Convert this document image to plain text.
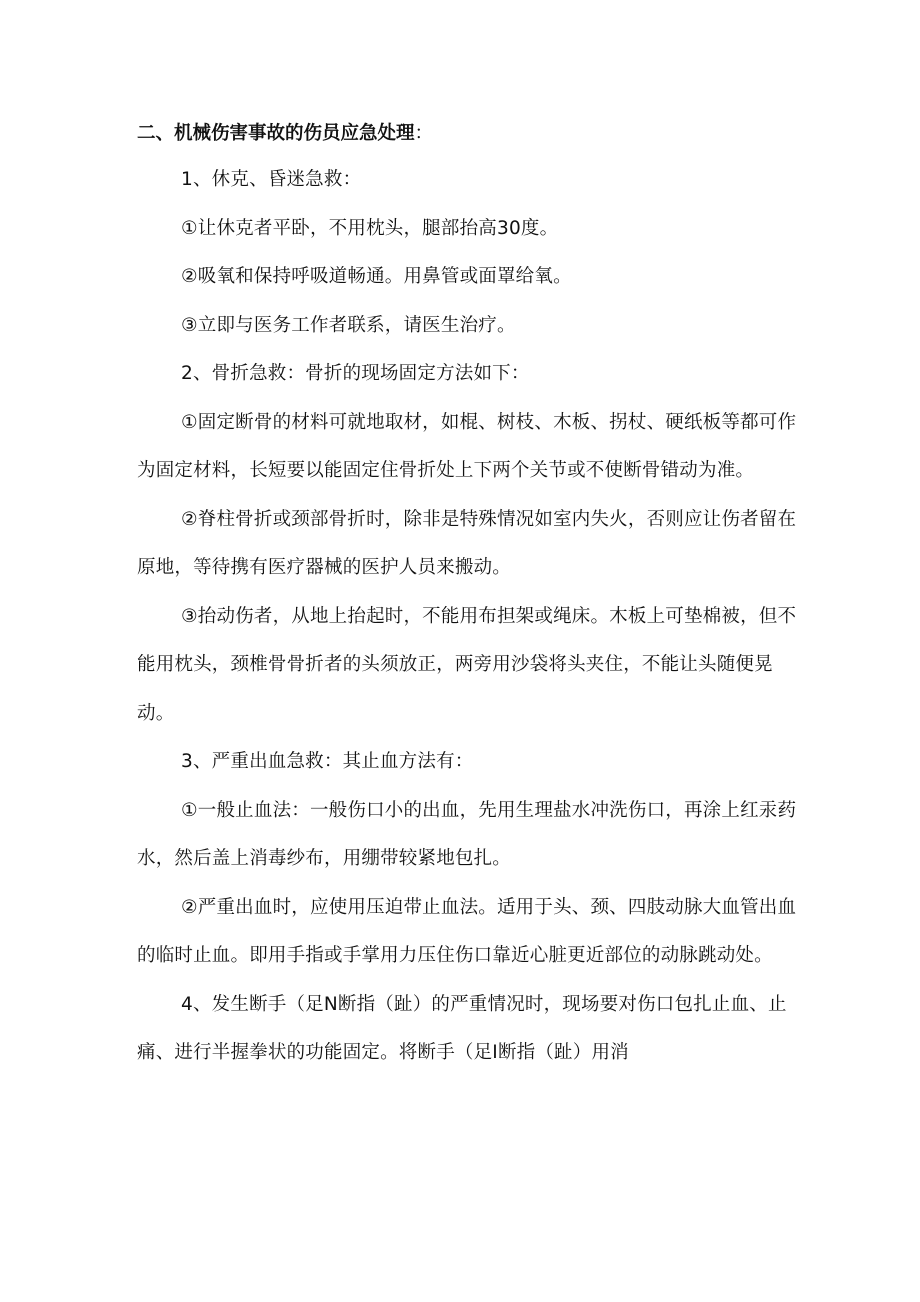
二、机械伤害事故的伤员应急处理：

1、休克、昏迷急救：

①让休克者平卧，不用枕头，腿部抬高30度。

②吸氧和保持呼吸道畅通。用鼻管或面罩给氧。

③立即与医务工作者联系，请医生治疗。

2、骨折急救：骨折的现场固定方法如下：

①固定断骨的材料可就地取材，如棍、树枝、木板、拐杖、硬纸板等都可作为固定材料，长短要以能固定住骨折处上下两个关节或不使断骨错动为准。

②脊柱骨折或颈部骨折时，除非是特殊情况如室内失火，否则应让伤者留在原地，等待携有医疗器械的医护人员来搬动。

③抬动伤者，从地上抬起时，不能用布担架或绳床。木板上可垫棉被，但不能用枕头，颈椎骨骨折者的头须放正，两旁用沙袋将头夹住，不能让头随便晃动。

3、严重出血急救：其止血方法有：

①一般止血法：一般伤口小的出血，先用生理盐水冲洗伤口，再涂上红汞药水，然后盖上消毒纱布，用绷带较紧地包扎。

②严重出血时，应使用压迫带止血法。适用于头、颈、四肢动脉大血管出血的临时止血。即用手指或手掌用力压住伤口靠近心脏更近部位的动脉跳动处。

4、发生断手（足N断指（趾）的严重情况时，现场要对伤口包扎止血、止痛、进行半握拳状的功能固定。将断手（足I断指（趾）用消
